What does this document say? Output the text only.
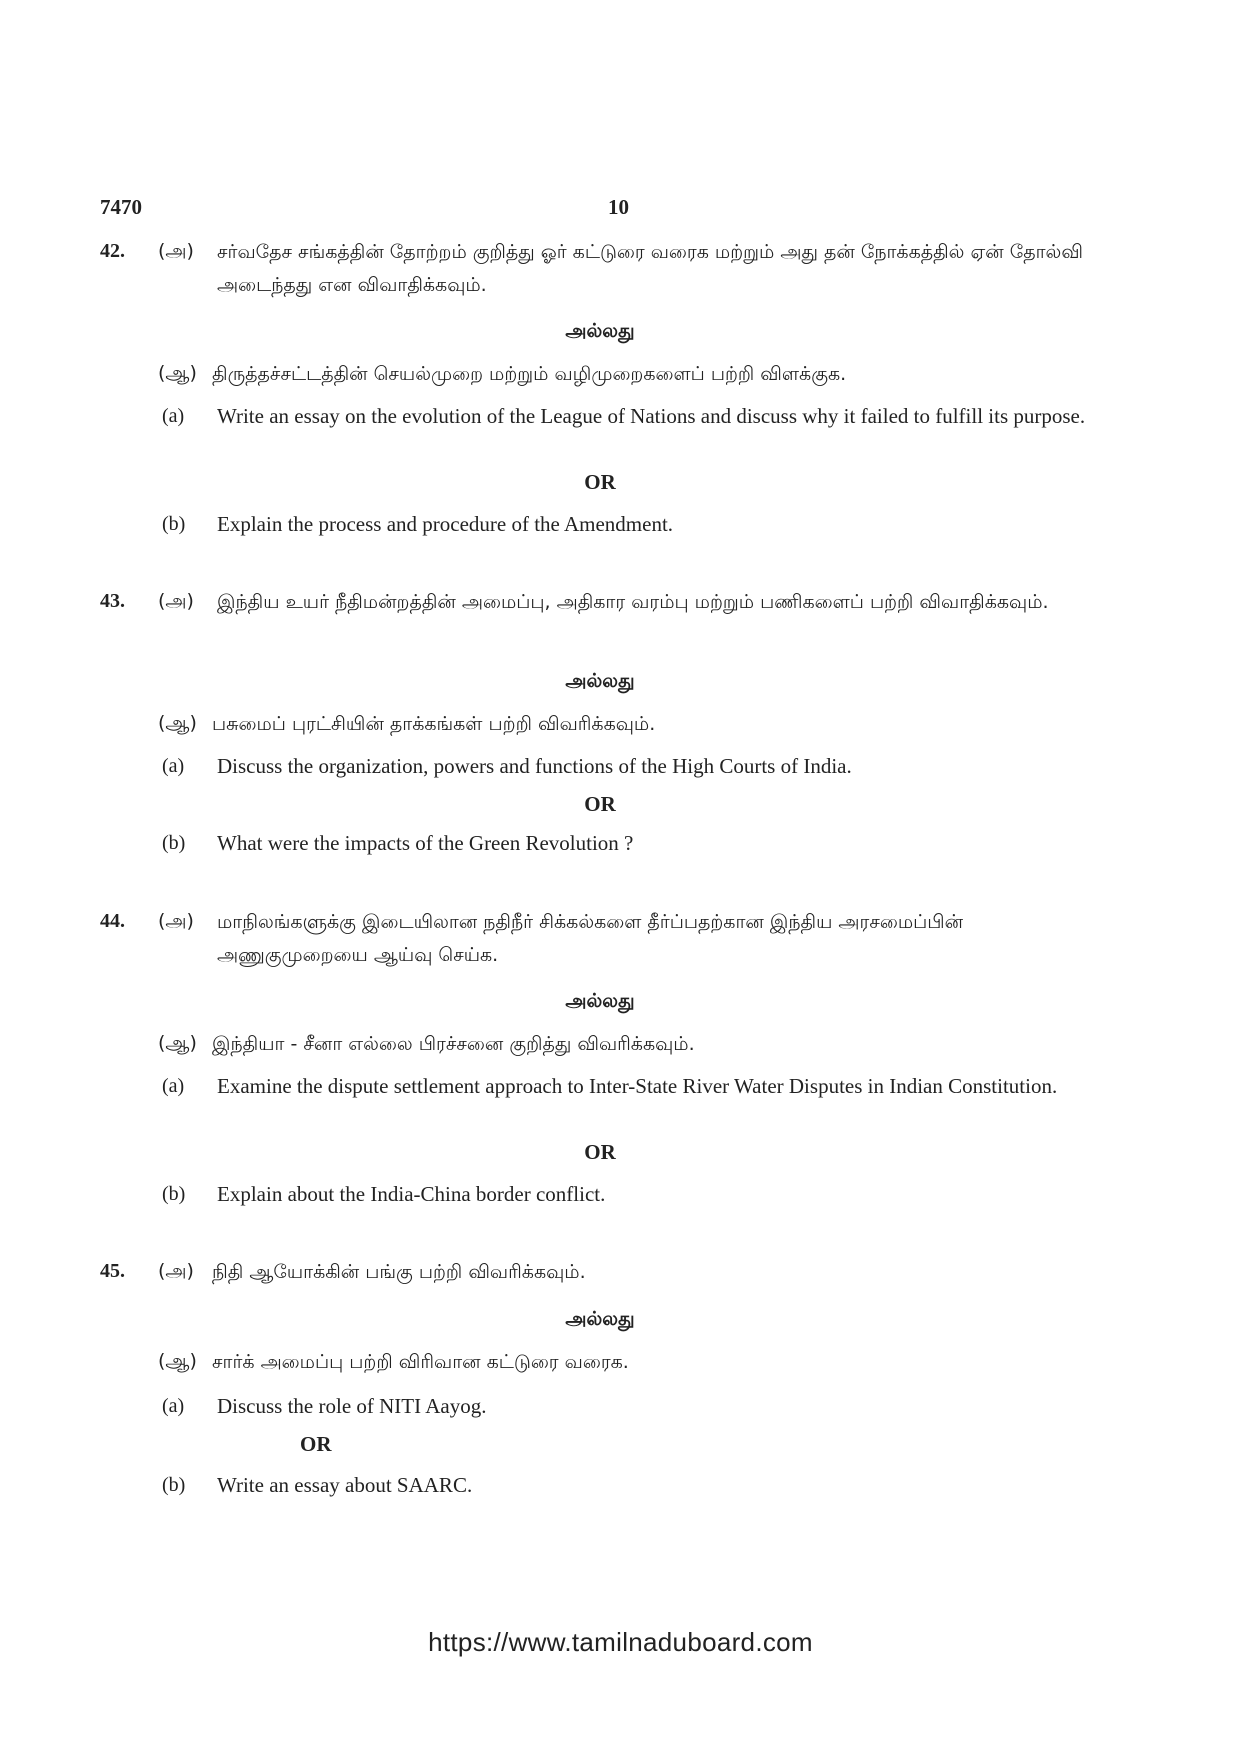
7470	10
42. (அ) சர்வதேச சங்கத்தின் தோற்றம் குறித்து ஓர் கட்டுரை வரைக மற்றும் அது தன் நோக்கத்தில் ஏன் தோல்வி அடைந்தது என விவாதிக்கவும்.
அல்லது
(ஆ) திருத்தச்சட்டத்தின் செயல்முறை மற்றும் வழிமுறைகளைப் பற்றி விளக்குக.
(a) Write an essay on the evolution of the League of Nations and discuss why it failed to fulfill its purpose.
OR
(b) Explain the process and procedure of the Amendment.
43. (அ) இந்திய உயர் நீதிமன்றத்தின் அமைப்பு, அதிகார வரம்பு மற்றும் பணிகளைப் பற்றி விவாதிக்கவும்.
அல்லது
(ஆ) பசுமைப் புரட்சியின் தாக்கங்கள் பற்றி விவரிக்கவும்.
(a) Discuss the organization, powers and functions of the High Courts of India.
OR
(b) What were the impacts of the Green Revolution ?
44. (அ) மாநிலங்களுக்கு இடையிலான நதிநீர் சிக்கல்களை தீர்ப்பதற்கான இந்திய அரசமைப்பின் அணுகுமுறையை ஆய்வு செய்க.
அல்லது
(ஆ) இந்தியா - சீனா எல்லை பிரச்சனை குறித்து விவரிக்கவும்.
(a) Examine the dispute settlement approach to Inter-State River Water Disputes in Indian Constitution.
OR
(b) Explain about the India-China border conflict.
45. (அ) நிதி ஆயோக்கின் பங்கு பற்றி விவரிக்கவும்.
அல்லது
(ஆ) சார்க் அமைப்பு பற்றி விரிவான கட்டுரை வரைக.
(a) Discuss the role of NITI Aayog.
OR
(b) Write an essay about SAARC.
https://www.tamilnaduboard.com
